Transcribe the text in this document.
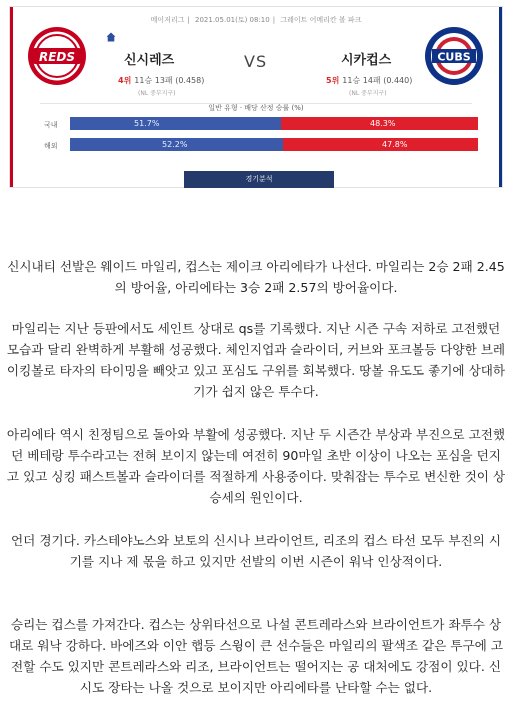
메이저리그 | 2021.05.01(토) 08:10 | 그레이트 어메리칸 볼 파크
REDS	신시레즈	VS	시카컵스
4위 11승 13패 (0.458)	5위 11승 14패 (0.440)
(NL 중부지구)	(NL 중부지구)
CUBS
일반 유형 · 배당 산정 승률 (%)
국내	51.7%	48.3%
해외	52.2%	47.8%
경기분석

신시내티 선발은 웨이드 마일리, 컵스는 제이크 아리에타가 나선다. 마일리는 2승 2패 2.45의 방어율, 아리에타는 3승 2패 2.57의 방어율이다.

마일리는 지난 등판에서도 세인트 상대로 qs를 기록했다. 지난 시즌 구속 저하로 고전했던 모습과 달리 완벽하게 부활해 성공했다. 체인지업과 슬라이더, 커브와 포크볼등 다양한 브레이킹볼로 타자의 타이밍을 빼앗고 있고 포심도 구위를 회복했다. 땅볼 유도도 좋기에 상대하기가 쉽지 않은 투수다.

아리에타 역시 친정팀으로 돌아와 부활에 성공했다. 지난 두 시즌간 부상과 부진으로 고전했던 베테랑 투수라고는 전혀 보이지 않는데 여전히 90마일 초반 이상이 나오는 포심을 던지고 있고 싱킹 패스트볼과 슬라이더를 적절하게 사용중이다. 맞춰잡는 투수로 변신한 것이 상승세의 원인이다.

언더 경기다. 카스테야노스와 보토의 신시나 브라이언트, 리조의 컵스 타선 모두 부진의 시기를 지나 제 몫을 하고 있지만 선발의 이번 시즌이 워낙 인상적이다.

승리는 컵스를 가져간다. 컵스는 상위타선으로 나설 콘트레라스와 브라이언트가 좌투수 상대로 워낙 강하다. 바에즈와 이안 햅등 스윙이 큰 선수들은 마일리의 팔색조 같은 투구에 고전할 수도 있지만 콘트레라스와 리조, 브라이언트는 떨어지는 공 대처에도 강점이 있다. 신시도 장타는 나올 것으로 보이지만 아리에타를 난타할 수는 없다.
